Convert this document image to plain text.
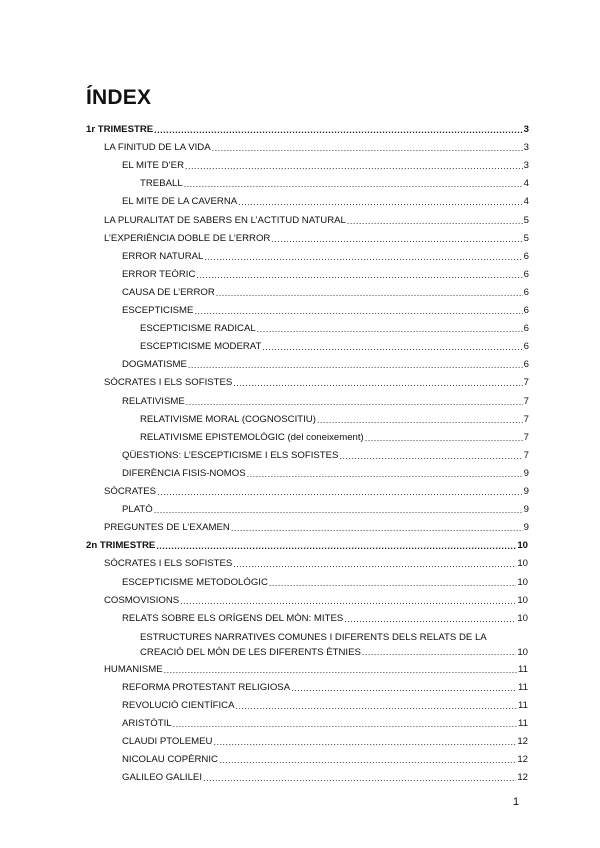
ÍNDEX
1r TRIMESTRE .....	3
LA FINITUD DE LA VIDA .....	3
EL MITE D’ER .....	3
TREBALL .....	4
EL MITE DE LA CAVERNA .....	4
LA PLURALITAT DE SABERS EN L’ACTITUD NATURAL .....	5
L’EXPERIÈNCIA DOBLE DE L’ERROR .....	5
ERROR NATURAL .....	6
ERROR TEÒRIC .....	6
CAUSA DE L’ERROR .....	6
ESCEPTICISME .....	6
ESCEPTICISME RADICAL .....	6
ESCEPTICISME MODERAT .....	6
DOGMATISME .....	6
SÒCRATES I ELS SOFISTES .....	7
RELATIVISME .....	7
RELATIVISME MORAL (COGNOSCITIU) .....	7
RELATIVISME EPISTEMOLÒGIC (del coneixement) .....	7
QÜESTIONS: L’ESCEPTICISME I ELS SOFISTES .....	7
DIFERÈNCIA FISIS-NOMOS .....	9
SÒCRATES .....	9
PLATÓ .....	9
PREGUNTES DE L’EXAMEN .....	9
2n TRIMESTRE .....	10
SÒCRATES I ELS SOFISTES .....	10
ESCEPTICISME METODOLÒGIC .....	10
COSMOVISIONS .....	10
RELATS SOBRE ELS ORÍGENS DEL MÓN: MITES .....	10
ESTRUCTURES NARRATIVES COMUNES I DIFERENTS DELS RELATS DE LA
CREACIÓ DEL MÓN DE LES DIFERENTS ÈTNIES .....	10
HUMANISME .....	11
REFORMA PROTESTANT RELIGIOSA .....	11
REVOLUCIÓ CIENTÍFICA .....	11
ARISTÒTIL .....	11
CLAUDI PTOLEMEU .....	12
NICOLAU COPÈRNIC .....	12
GALILEO GALILEI .....	12
1
